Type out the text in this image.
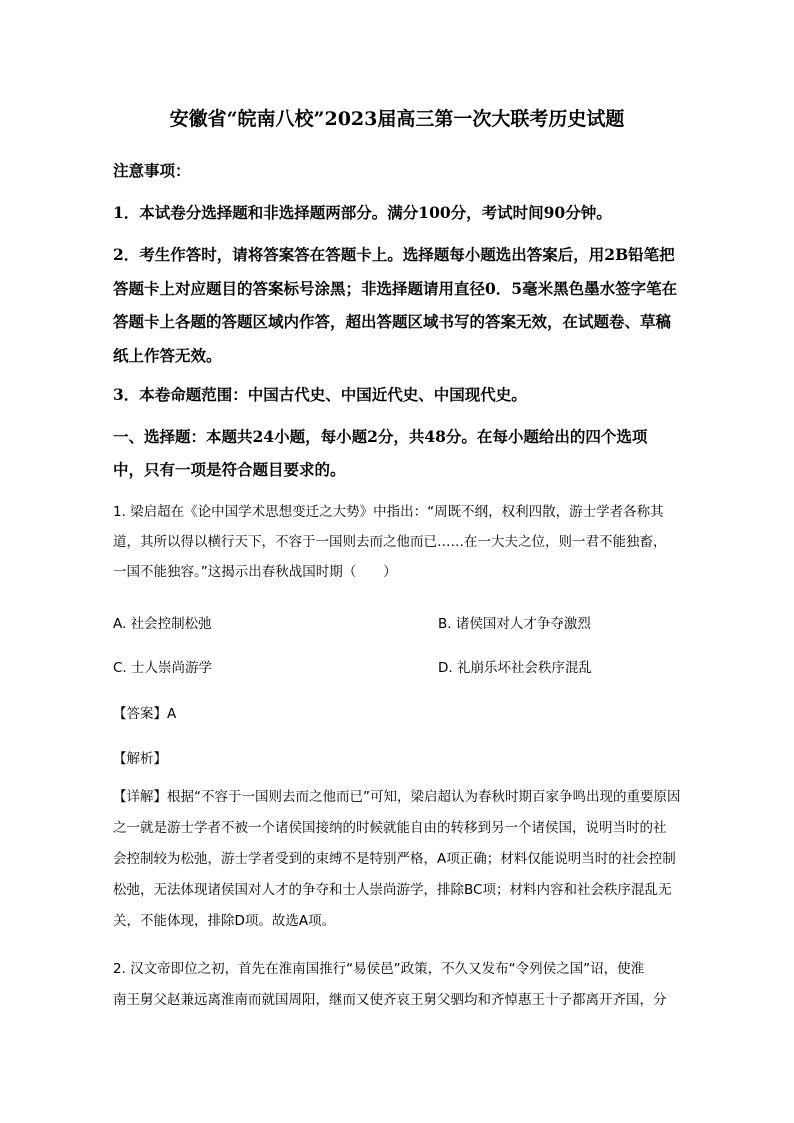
安徽省“皖南八校”2023届高三第一次大联考历史试题
注意事项：
1．本试卷分选择题和非选择题两部分。满分100分，考试时间90分钟。
2．考生作答时，请将答案答在答题卡上。选择题每小题选出答案后，用2B铅笔把
答题卡上对应题目的答案标号涂黑；非选择题请用直径0．5毫米黑色墨水签字笔在
答题卡上各题的答题区域内作答，超出答题区域书写的答案无效，在试题卷、草稿
纸上作答无效。
3．本卷命题范围：中国古代史、中国近代史、中国现代史。
一、选择题：本题共24小题，每小题2分，共48分。在每小题给出的四个选项
中，只有一项是符合题目要求的。
1. 梁启超在《论中国学术思想变迁之大势》中指出：“周既不纲，权利四散，游士学者各称其
道，其所以得以横行天下，不容于一国则去而之他而已……在一大夫之位，则一君不能独畜，
一国不能独容。”这揭示出春秋战国时期（　　）
A. 社会控制松弛	B. 诸侯国对人才争夺激烈
C. 士人崇尚游学	D. 礼崩乐坏社会秩序混乱
【答案】A
【解析】
【详解】根据“不容于一国则去而之他而已”可知，梁启超认为春秋时期百家争鸣出现的重要原因
之一就是游士学者不被一个诸侯国接纳的时候就能自由的转移到另一个诸侯国，说明当时的社
会控制较为松弛，游士学者受到的束缚不是特别严格，A项正确；材料仅能说明当时的社会控制
松弛，无法体现诸侯国对人才的争夺和士人崇尚游学，排除BC项；材料内容和社会秩序混乱无
关，不能体现，排除D项。故选A项。
2. 汉文帝即位之初，首先在淮南国推行“易侯邑”政策，不久又发布“令列侯之国”诏，使淮
南王舅父赵兼远离淮南而就国周阳，继而又使齐哀王舅父驷均和齐悼惠王十子都离开齐国，分
